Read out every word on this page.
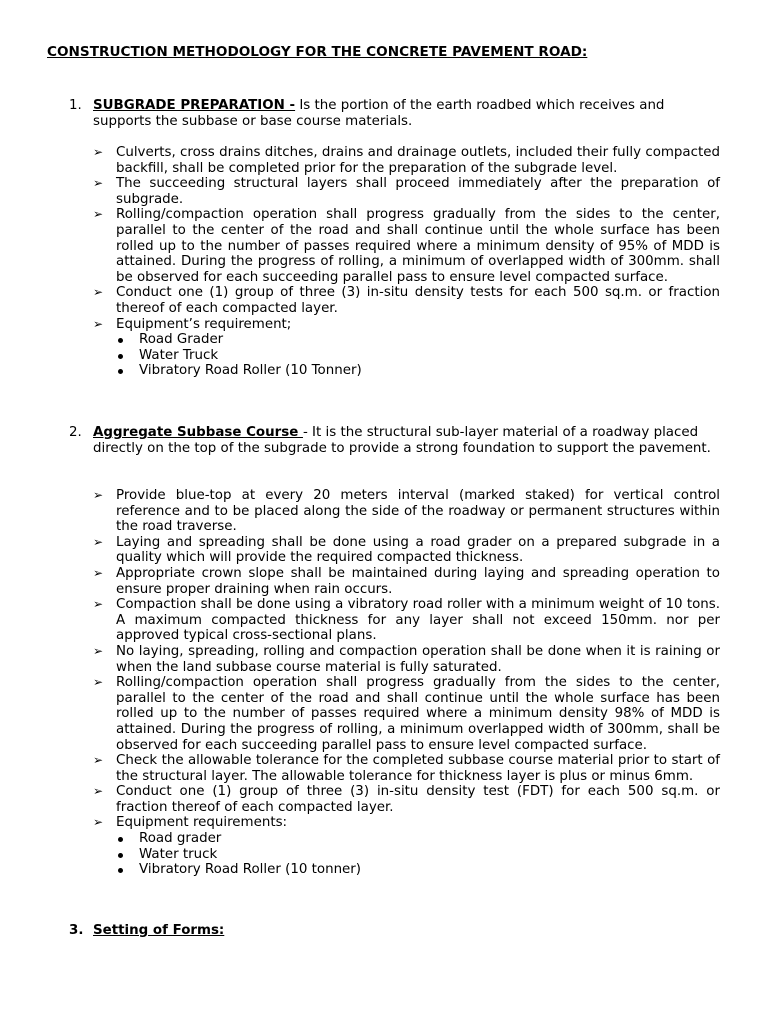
CONSTRUCTION METHODOLOGY FOR THE CONCRETE PAVEMENT ROAD:
1. SUBGRADE PREPARATION - Is the portion of the earth roadbed which receives and supports the subbase or base course materials.
➢ Culverts, cross drains ditches, drains and drainage outlets, included their fully compacted backfill, shall be completed prior for the preparation of the subgrade level.
➢ The succeeding structural layers shall proceed immediately after the preparation of subgrade.
➢ Rolling/compaction operation shall progress gradually from the sides to the center, parallel to the center of the road and shall continue until the whole surface has been rolled up to the number of passes required where a minimum density of 95% of MDD is attained. During the progress of rolling, a minimum of overlapped width of 300mm. shall be observed for each succeeding parallel pass to ensure level compacted surface.
➢ Conduct one (1) group of three (3) in-situ density tests for each 500 sq.m. or fraction thereof of each compacted layer.
➢ Equipment’s requirement;
Road Grader
Water Truck
Vibratory Road Roller (10 Tonner)
2. Aggregate Subbase Course - It is the structural sub-layer material of a roadway placed directly on the top of the subgrade to provide a strong foundation to support the pavement.
➢ Provide blue-top at every 20 meters interval (marked staked) for vertical control reference and to be placed along the side of the roadway or permanent structures within the road traverse.
➢ Laying and spreading shall be done using a road grader on a prepared subgrade in a quality which will provide the required compacted thickness.
➢ Appropriate crown slope shall be maintained during laying and spreading operation to ensure proper draining when rain occurs.
➢ Compaction shall be done using a vibratory road roller with a minimum weight of 10 tons. A maximum compacted thickness for any layer shall not exceed 150mm. nor per approved typical cross-sectional plans.
➢ No laying, spreading, rolling and compaction operation shall be done when it is raining or when the land subbase course material is fully saturated.
➢ Rolling/compaction operation shall progress gradually from the sides to the center, parallel to the center of the road and shall continue until the whole surface has been rolled up to the number of passes required where a minimum density 98% of MDD is attained. During the progress of rolling, a minimum overlapped width of 300mm, shall be observed for each succeeding parallel pass to ensure level compacted surface.
➢ Check the allowable tolerance for the completed subbase course material prior to start of the structural layer. The allowable tolerance for thickness layer is plus or minus 6mm.
➢ Conduct one (1) group of three (3) in-situ density test (FDT) for each 500 sq.m. or fraction thereof of each compacted layer.
➢ Equipment requirements:
Road grader
Water truck
Vibratory Road Roller (10 tonner)
3. Setting of Forms:
